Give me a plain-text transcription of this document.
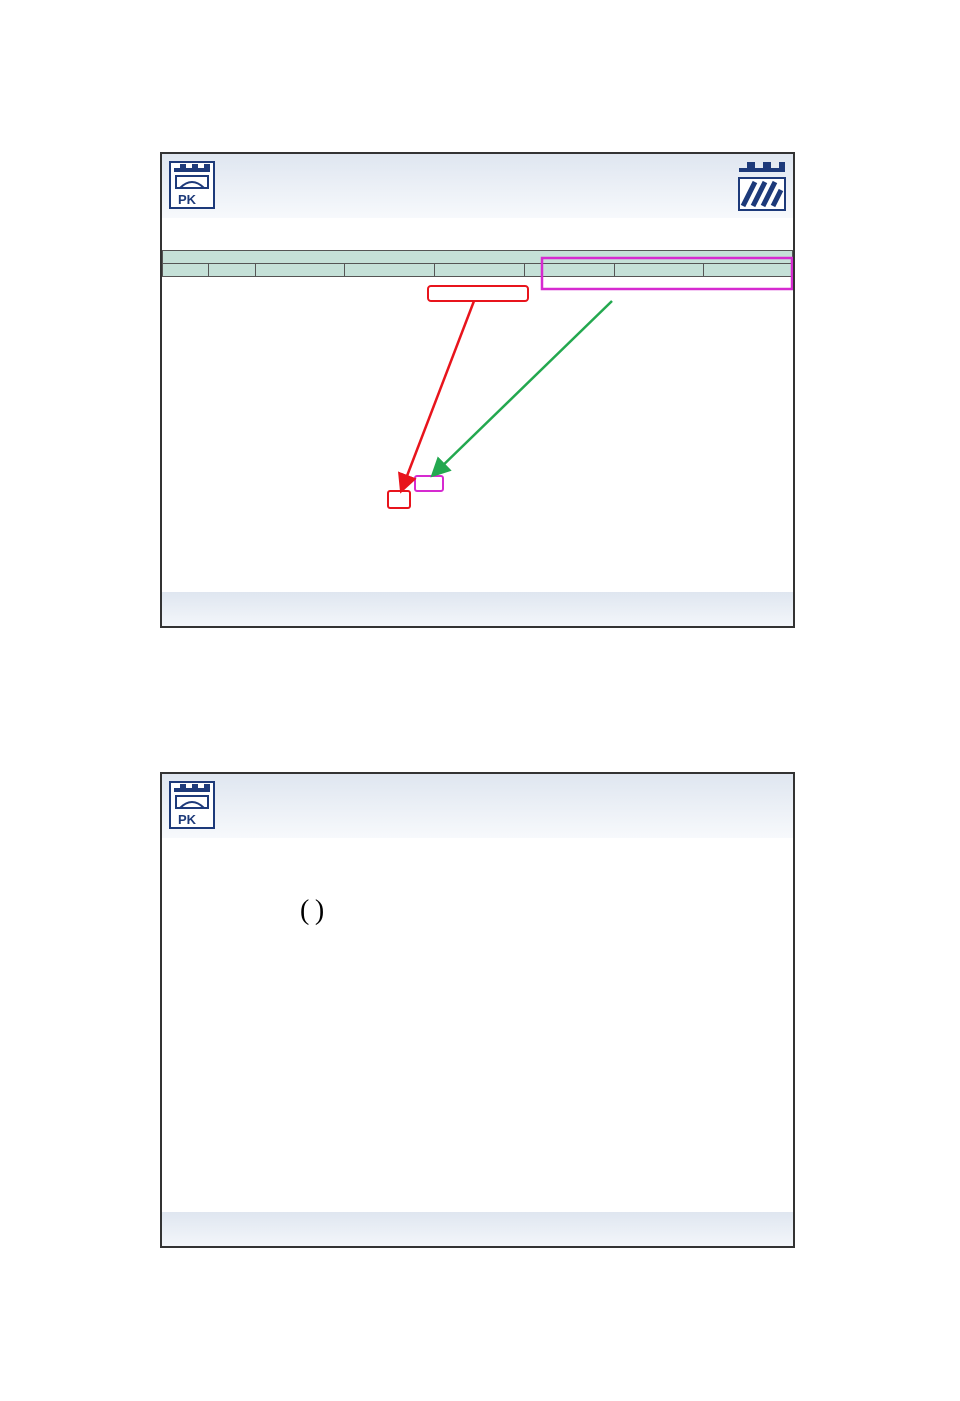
PK

PK
( )
